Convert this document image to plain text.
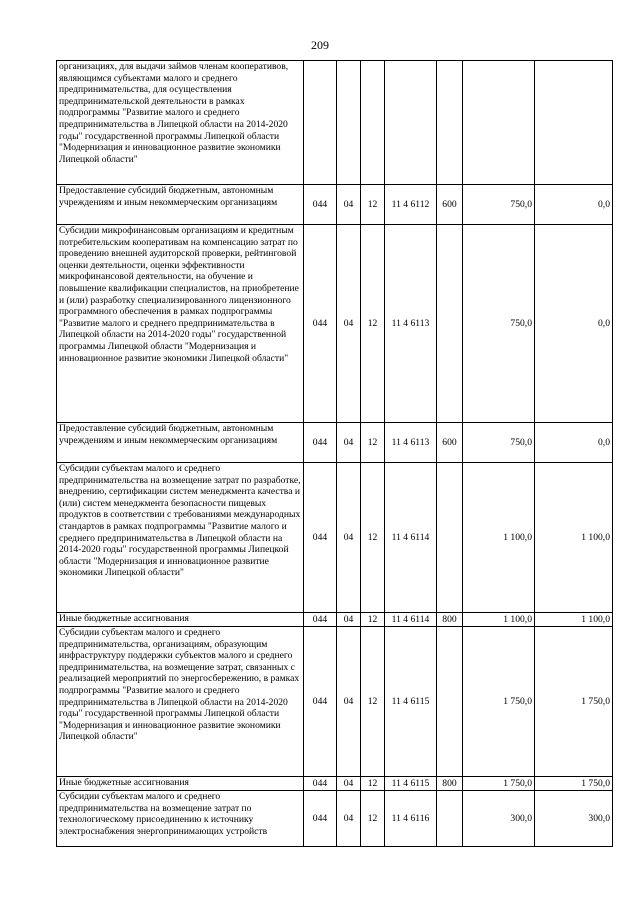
209
организациях, для выдачи займов членам кооперативов, являющимся субъектами малого и среднего предпринимательства, для осуществления предпринимательской деятельности в рамках подпрограммы "Развитие малого и среднего предпринимательства в Липецкой области на 2014-2020 годы" государственной программы Липецкой области "Модернизация и инновационное развитие экономики Липецкой области"							
Предоставление субсидий бюджетным, автономным учреждениям и иным некоммерческим организациям	044	04	12	11 4 6112	600	750,0	0,0
Субсидии микрофинансовым организациям и кредитным потребительским кооперативам на компенсацию затрат по проведению внешней аудиторской проверки, рейтинговой оценки деятельности, оценки эффективности микрофинансовой деятельности, на обучение и повышение квалификации специалистов, на приобретение и (или) разработку специализированного лицензионного программного обеспечения в рамках подпрограммы "Развитие малого и среднего предпринимательства в Липецкой области на 2014-2020 годы" государственной программы Липецкой области "Модернизация и инновационное развитие экономики Липецкой области"	044	04	12	11 4 6113		750,0	0,0
Предоставление субсидий бюджетным, автономным учреждениям и иным некоммерческим организациям	044	04	12	11 4 6113	600	750,0	0,0
Субсидии субъектам малого и среднего предпринимательства на возмещение затрат по разработке, внедрению, сертификации систем менеджмента качества и (или) систем менеджмента безопасности пищевых продуктов в соответствии с требованиями международных стандартов в рамках подпрограммы "Развитие малого и среднего предпринимательства в Липецкой области на 2014-2020 годы" государственной программы Липецкой области "Модернизация и инновационное развитие экономики Липецкой области"	044	04	12	11 4 6114		1 100,0	1 100,0
Иные бюджетные ассигнования	044	04	12	11 4 6114	800	1 100,0	1 100,0
Субсидии субъектам малого и среднего предпринимательства, организациям, образующим инфраструктуру поддержки субъектов малого и среднего предпринимательства, на возмещение затрат, связанных с реализацией мероприятий по энергосбережению, в рамках подпрограммы "Развитие малого и среднего предпринимательства в Липецкой области на 2014-2020 годы" государственной программы Липецкой области "Модернизация и инновационное развитие экономики Липецкой области"	044	04	12	11 4 6115		1 750,0	1 750,0
Иные бюджетные ассигнования	044	04	12	11 4 6115	800	1 750,0	1 750,0
Субсидии субъектам малого и среднего предпринимательства на возмещение затрат по технологическому присоединению к источнику электроснабжения энергопринимающих устройств	044	04	12	11 4 6116		300,0	300,0
